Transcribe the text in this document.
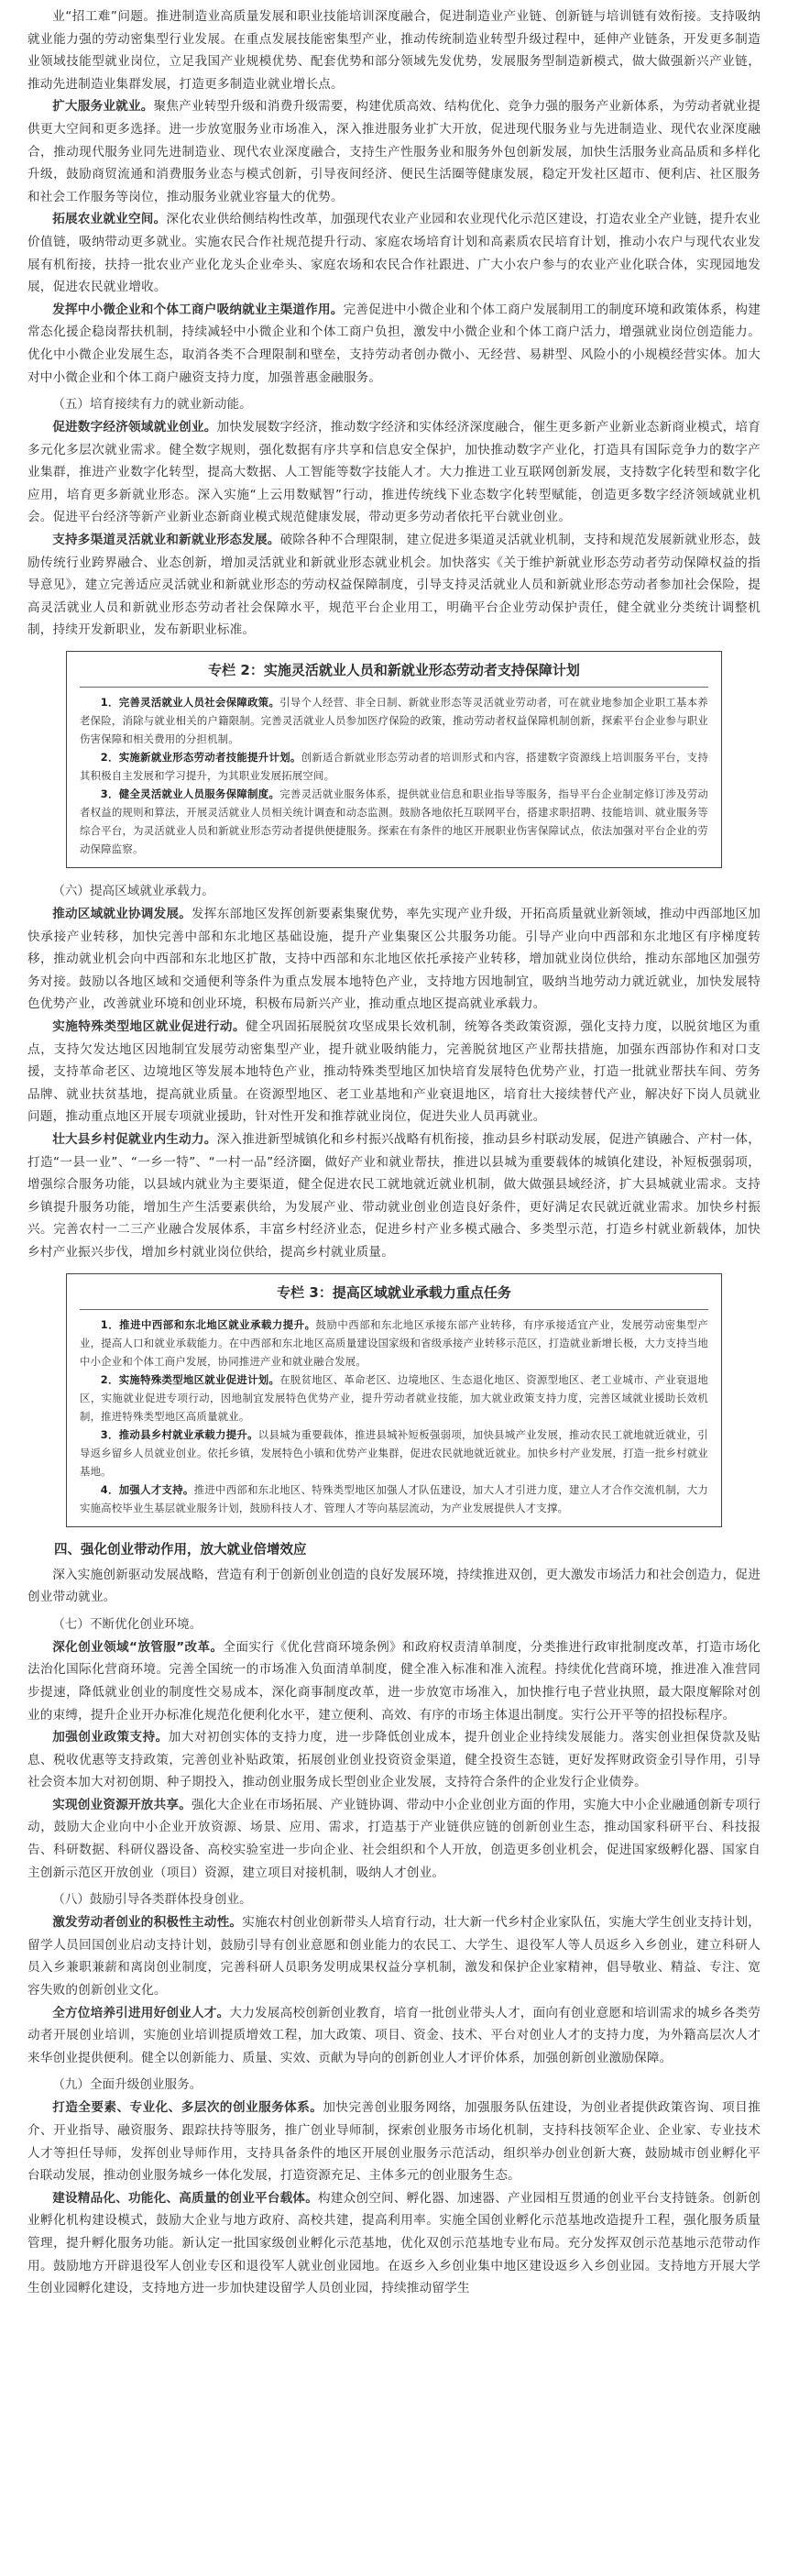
业“招工难”问题。推进制造业高质量发展和职业技能培训深度融合，促进制造业产业链、创新链与培训链有效衔接。支持吸纳就业能力强的劳动密集型行业发展。在重点发展技能密集型产业，推动传统制造业转型升级过程中，延伸产业链条，开发更多制造业领域技能型就业岗位，立足我国产业规模优势、配套优势和部分领域先发优势，发展服务型制造新模式，做大做强新兴产业链，推动先进制造业集群发展，打造更多制造业就业增长点。

扩大服务业就业。聚焦产业转型升级和消费升级需要，构建优质高效、结构优化、竞争力强的服务产业新体系，为劳动者就业提供更大空间和更多选择。进一步放宽服务业市场准入，深入推进服务业扩大开放，促进现代服务业与先进制造业、现代农业深度融合，推动现代服务业同先进制造业、现代农业深度融合，支持生产性服务业和服务外包创新发展，加快生活服务业高品质和多样化升级，鼓励商贸流通和消费服务业态与模式创新，引导夜间经济、便民生活圈等健康发展，稳定开发社区超市、便利店、社区服务和社会工作服务等岗位，推动服务业就业容量大的优势。

拓展农业就业空间。深化农业供给侧结构性改革，加强现代农业产业园和农业现代化示范区建设，打造农业全产业链，提升农业价值链，吸纳带动更多就业。实施农民合作社规范提升行动、家庭农场培育计划和高素质农民培育计划，推动小农户与现代农业发展有机衔接，扶持一批农业产业化龙头企业牵头、家庭农场和农民合作社跟进、广大小农户参与的农业产业化联合体，实现园地发展，促进农民就业增收。

发挥中小微企业和个体工商户吸纳就业主渠道作用。完善促进中小微企业和个体工商户发展制用工的制度环境和政策体系，构建常态化援企稳岗帮扶机制，持续减轻中小微企业和个体工商户负担，激发中小微企业和个体工商户活力，增强就业岗位创造能力。优化中小微企业发展生态，取消各类不合理限制和壁垒，支持劳动者创办微小、无经营、易耕型、风险小的小规模经营实体。加大对中小微企业和个体工商户融资支持力度，加强普惠金融服务。

（五）培育接续有力的就业新动能。

促进数字经济领域就业创业。加快发展数字经济，推动数字经济和实体经济深度融合，催生更多新产业新业态新商业模式，培育多元化多层次就业需求。健全数字规则，强化数据有序共享和信息安全保护，加快推动数字产业化，打造具有国际竞争力的数字产业集群，推进产业数字化转型，提高大数据、人工智能等数字技能人才。大力推进工业互联网创新发展，支持数字化转型和数字化应用，培育更多新就业形态。深入实施“上云用数赋智”行动，推进传统线下业态数字化转型赋能，创造更多数字经济领域就业机会。促进平台经济等新产业新业态新商业模式规范健康发展，带动更多劳动者依托平台就业创业。

支持多渠道灵活就业和新就业形态发展。破除各种不合理限制，建立促进多渠道灵活就业机制，支持和规范发展新就业形态，鼓励传统行业跨界融合、业态创新，增加灵活就业和新就业形态就业机会。加快落实《关于维护新就业形态劳动者劳动保障权益的指导意见》，建立完善适应灵活就业和新就业形态的劳动权益保障制度，引导支持灵活就业人员和新就业形态劳动者参加社会保险，提高灵活就业人员和新就业形态劳动者社会保障水平，规范平台企业用工，明确平台企业劳动保护责任，健全就业分类统计调整机制，持续开发新职业，发布新职业标准。

专栏 2：实施灵活就业人员和新就业形态劳动者支持保障计划

1．完善灵活就业人员社会保障政策。引导个人经营、非全日制、新就业形态等灵活就业劳动者，可在就业地参加企业职工基本养老保险，消除与就业相关的户籍限制。完善灵活就业人员参加医疗保险的政策，推动劳动者权益保障机制创新，探索平台企业参与职业伤害保障和相关费用的分担机制。

2．实施新就业形态劳动者技能提升计划。创新适合新就业形态劳动者的培训形式和内容，搭建数字资源线上培训服务平台，支持其积极自主发展和学习提升，为其职业发展拓展空间。

3．健全灵活就业人员服务保障制度。完善灵活就业服务体系，提供就业信息和职业指导等服务，指导平台企业制定修订涉及劳动者权益的规则和算法，开展灵活就业人员相关统计调查和动态监测。鼓励各地依托互联网平台，搭建求职招聘、技能培训、就业服务等综合平台，为灵活就业人员和新就业形态劳动者提供便捷服务。探索在有条件的地区开展职业伤害保障试点，依法加强对平台企业的劳动保障监察。

（六）提高区域就业承载力。

推动区域就业协调发展。发挥东部地区发挥创新要素集聚优势，率先实现产业升级，开拓高质量就业新领域，推动中西部地区加快承接产业转移，加快完善中部和东北地区基础设施，提升产业集聚区公共服务功能。引导产业向中西部和东北地区有序梯度转移，推动就业机会向中西部和东北地区扩散，支持中西部和东北地区依托承接产业转移，增加就业岗位供给，推动东部地区加强劳务对接。鼓励以各地区域和交通便利等条件为重点发展本地特色产业，支持地方因地制宜，吸纳当地劳动力就近就业，加快发展特色优势产业，改善就业环境和创业环境，积极布局新兴产业，推动重点地区提高就业承载力。

实施特殊类型地区就业促进行动。健全巩固拓展脱贫攻坚成果长效机制，统筹各类政策资源，强化支持力度，以脱贫地区为重点，支持欠发达地区因地制宜发展劳动密集型产业，提升就业吸纳能力，完善脱贫地区产业帮扶措施，加强东西部协作和对口支援，支持革命老区、边境地区等发展本地特色产业，推动特殊类型地区加快培育发展特色优势产业，打造一批就业帮扶车间、劳务品牌、就业扶贫基地，提高就业质量。在资源型地区、老工业基地和产业衰退地区，培育壮大接续替代产业，解决好下岗人员就业问题，推动重点地区开展专项就业援助，针对性开发和推荐就业岗位，促进失业人员再就业。

壮大县乡村促就业内生动力。深入推进新型城镇化和乡村振兴战略有机衔接，推动县乡村联动发展，促进产镇融合、产村一体，打造“一县一业”、“一乡一特”、“一村一品”经济圈，做好产业和就业帮扶，推进以县城为重要载体的城镇化建设，补短板强弱项，增强综合服务功能，以县域内就业为主要渠道，健全促进农民工就地就近就业机制，做大做强县域经济，扩大县城就业需求。支持乡镇提升服务功能，增加生产生活要素供给，为发展产业、带动就业创业创造良好条件，更好满足农民就近就业需求。加快乡村振兴。完善农村一二三产业融合发展体系，丰富乡村经济业态，促进乡村产业多模式融合、多类型示范，打造乡村就业新载体，加快乡村产业振兴步伐，增加乡村就业岗位供给，提高乡村就业质量。

专栏 3：提高区域就业承载力重点任务

1．推进中西部和东北地区就业承载力提升。鼓励中西部和东北地区承接东部产业转移，有序承接适宜产业，发展劳动密集型产业，提高人口和就业承载能力。在中西部和东北地区高质量建设国家级和省级承接产业转移示范区，打造就业新增长极，大力支持当地中小企业和个体工商户发展，协同推进产业和就业融合发展。

2．实施特殊类型地区就业促进计划。在脱贫地区、革命老区、边境地区、生态退化地区、资源型地区、老工业城市、产业衰退地区，实施就业促进专项行动，因地制宜发展特色优势产业，提升劳动者就业技能，加大就业政策支持力度，完善区域就业援助长效机制，推进特殊类型地区高质量就业。

3．推动县乡村就业承载力提升。以县城为重要载体，推进县城补短板强弱项，加快县城产业发展，推动农民工就地就近就业，引导返乡留乡人员就业创业。依托乡镇，发展特色小镇和优势产业集群，促进农民就地就近就业。加快乡村产业发展，打造一批乡村就业基地。

4．加强人才支持。推进中西部和东北地区、特殊类型地区加强人才队伍建设，加大人才引进力度，建立人才合作交流机制，大力实施高校毕业生基层就业服务计划，鼓励科技人才、管理人才等向基层流动，为产业发展提供人才支撑。

四、强化创业带动作用，放大就业倍增效应

深入实施创新驱动发展战略，营造有利于创新创业创造的良好发展环境，持续推进双创，更大激发市场活力和社会创造力，促进创业带动就业。

（七）不断优化创业环境。

深化创业领域“放管服”改革。全面实行《优化营商环境条例》和政府权责清单制度，分类推进行政审批制度改革，打造市场化法治化国际化营商环境。完善全国统一的市场准入负面清单制度，健全准入标准和准入流程。持续优化营商环境，推进准入准营同步提速，降低就业创业的制度性交易成本，深化商事制度改革，进一步放宽市场准入，加快推行电子营业执照，最大限度解除对创业的束缚，提升企业开办标准化规范化便利化水平，建立便利、高效、有序的市场主体退出制度。实行公开平等的招投标程序。

加强创业政策支持。加大对初创实体的支持力度，进一步降低创业成本，提升创业企业持续发展能力。落实创业担保贷款及贴息、税收优惠等支持政策，完善创业补贴政策，拓展创业创业投资资金渠道，健全投资生态链，更好发挥财政资金引导作用，引导社会资本加大对初创期、种子期投入，推动创业服务成长型创业企业发展，支持符合条件的企业发行企业债券。

实现创业资源开放共享。强化大企业在市场拓展、产业链协调、带动中小企业创业方面的作用，实施大中小企业融通创新专项行动，鼓励大企业向中小企业开放资源、场景、应用、需求，打造基于产业链供应链的创新创业生态，推动国家科研平台、科技报告、科研数据、科研仪器设备、高校实验室进一步向企业、社会组织和个人开放，创造更多创业机会，促进国家级孵化器、国家自主创新示范区开放创业（项目）资源，建立项目对接机制，吸纳人才创业。

（八）鼓励引导各类群体投身创业。

激发劳动者创业的积极性主动性。实施农村创业创新带头人培育行动，壮大新一代乡村企业家队伍，实施大学生创业支持计划，留学人员回国创业启动支持计划，鼓励引导有创业意愿和创业能力的农民工、大学生、退役军人等人员返乡入乡创业，建立科研人员入乡兼职兼薪和离岗创业制度，完善科研人员职务发明成果权益分享机制，激发和保护企业家精神，倡导敬业、精益、专注、宽容失败的创新创业文化。

全方位培养引进用好创业人才。大力发展高校创新创业教育，培育一批创业带头人才，面向有创业意愿和培训需求的城乡各类劳动者开展创业培训，实施创业培训提质增效工程，加大政策、项目、资金、技术、平台对创业人才的支持力度，为外籍高层次人才来华创业提供便利。健全以创新能力、质量、实效、贡献为导向的创新创业人才评价体系，加强创新创业激励保障。

（九）全面升级创业服务。

打造全要素、专业化、多层次的创业服务体系。加快完善创业服务网络，加强服务队伍建设，为创业者提供政策咨询、项目推介、开业指导、融资服务、跟踪扶持等服务，推广创业导师制，探索创业服务市场化机制，支持科技领军企业、企业家、专业技术人才等担任导师，发挥创业导师作用，支持具备条件的地区开展创业服务示范活动，组织举办创业创新大赛，鼓励城市创业孵化平台联动发展，推动创业服务城乡一体化发展，打造资源充足、主体多元的创业服务生态。

建设精品化、功能化、高质量的创业平台载体。构建众创空间、孵化器、加速器、产业园相互贯通的创业平台支持链条。创新创业孵化机构建设模式，鼓励大企业与地方政府、高校共建，提高利用率。实施全国创业孵化示范基地改造提升工程，强化服务质量管理，提升孵化服务功能。新认定一批国家级创业孵化示范基地，优化双创示范基地专业布局。充分发挥双创示范基地示范带动作用。鼓励地方开辟退役军人创业专区和退役军人就业创业园地。在返乡入乡创业集中地区建设返乡入乡创业园。支持地方开展大学生创业园孵化建设，支持地方进一步加快建设留学人员创业园，持续推动留学生
